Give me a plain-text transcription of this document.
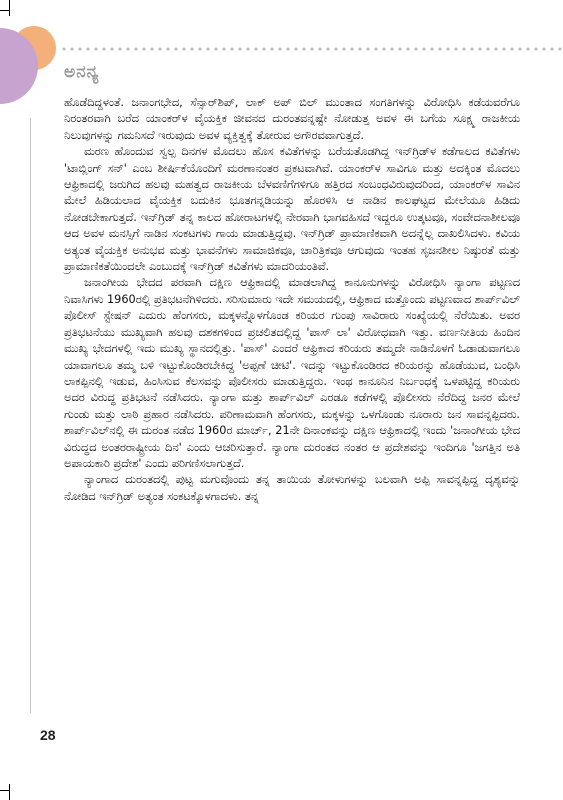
ಅನನ್ಯ

ಹೊಡೆದಿದ್ದಳಂತೆ. ಜನಾಂಗಭೇದ, ಸೆನ್ಸಾರ್‌ಶಿಪ್, ಲಾಕ್ ಅಪ್ ಬಿಲ್ ಮುಂತಾದ ಸಂಗತಿಗಳನ್ನು ವಿರೋಧಿಸಿ ಕಡೆಯವರೆಗೂ ನಿರಂತರವಾಗಿ ಬರೆದ ಯಾಂಕರ್‌ಳ ವೈಯಕ್ತಿಕ ಜೀವನದ ದುರಂತವನ್ನಷ್ಟೇ ನೋಡುತ್ತ ಅವಳ ಈ ಬಗೆಯ ಸೂಕ್ಷ್ಮ ರಾಜಕೀಯ ನಿಲುವುಗಳನ್ನು ಗಮನಿಸದೆ ಇರುವುದು ಅವಳ ವ್ಯಕ್ತಿತ್ವಕ್ಕೆ ತೋರುವ ಅಗೌರವವಾಗುತ್ತದೆ.

ಮರಣ ಹೊಂದುವ ಸ್ವಲ್ಪ ದಿನಗಳ ಮೊದಲು ಹೊಸ ಕವಿತೆಗಳನ್ನು ಬರೆಯತೊಡಗಿದ್ದ ಇನ್‌ಗ್ರಿಡ್‌ಳ ಕಡೆಗಾಲದ ಕವಿತೆಗಳು 'ಟಾಬ್ಲಿಂಗ್ ಸನ್' ಎಂಬ ಶೀರ್ಷಿಕೆಯೊಂದಿಗೆ ಮರಣಾನಂತರ ಪ್ರಕಟವಾಗಿವೆ. ಯಾಂಕರ್‌ಳ ಸಾವಿಗೂ ಮತ್ತು ಅದಕ್ಕಿಂತ ಮೊದಲು ಆಫ್ರಿಕಾದಲ್ಲಿ ಜರುಗಿದ ಹಲವು ಮಹತ್ವದ ರಾಜಕೀಯ ಬೆಳವಣಿಗೆಗಳಿಗೂ ಹತ್ತಿರದ ಸಂಬಂಧವಿರುವುದರಿಂದ, ಯಾಂಕರ್‌ಳ ಸಾವಿನ ಮೇಲೆ ಹಿಡಿಯಲಾದ ವೈಯಕ್ತಿಕ ಬದುಕಿನ ಭೂತಗನ್ನಡಿಯನ್ನು ಹೊರಳಿಸಿ ಆ ನಾಡಿನ ಕಾಲಘಟ್ಟದ ಮೇಲೆಯೂ ಹಿಡಿದು ನೋಡಬೇಕಾಗುತ್ತದೆ. ಇನ್‌ಗ್ರಿಡ್ ತನ್ನ ಕಾಲದ ಹೋರಾಟಗಳಲ್ಲಿ ನೇರವಾಗಿ ಭಾಗವಹಿಸದೆ ಇದ್ದರೂ ಉತ್ಕಟವೂ, ಸಂವೇದನಾಶೀಲವೂ ಆದ ಅವಳ ಮನಸ್ಸಿಗೆ ನಾಡಿನ ಸಂಕಟಗಳು ಗಾಯ ಮಾಡುತ್ತಿದ್ದವು. ಇನ್‌ಗ್ರಿಡ್ ಪ್ರಾಮಾಣಿಕವಾಗಿ ಅದನ್ನೆಲ್ಲ ದಾಖಲಿಸಿದಳು. ಕವಿಯ ಅತ್ಯಂತ ವೈಯಕ್ತಿಕ ಅನುಭವ ಮತ್ತು ಭಾವನೆಗಳು ಸಾಮಾಜಿಕವೂ, ಚಾರಿತ್ರಿಕವೂ ಆಗುವುದು ಇಂತಹ ಸೃಜನಶೀಲ ನಿಷ್ಠುರತೆ ಮತ್ತು ಪ್ರಾಮಾಣಿಕತೆಯಿಂದಲೇ ಎಂಬುದಕ್ಕೆ ಇನ್‌ಗ್ರಿಡ್ ಕವಿತೆಗಳು ಮಾದರಿಯಂತಿವೆ.

ಜನಾಂಗೀಯ ಭೇದದ ಪರವಾಗಿ ದಕ್ಷಿಣ ಆಫ್ರಿಕಾದಲ್ಲಿ ಮಾಡಲಾಗಿದ್ದ ಕಾನೂನುಗಳನ್ನು ವಿರೋಧಿಸಿ ನ್ಯಾಂಗಾ ಪಟ್ಟಣದ ನಿವಾಸಿಗಳು 1960ರಲ್ಲಿ ಪ್ರತಿಭಟನೆಗಿಳಿದರು. ಸರಿಸುಮಾರು ಇದೇ ಸಮಯದಲ್ಲಿ, ಆಫ್ರಿಕಾದ ಮತ್ತೊಂದು ಪಟ್ಟಣವಾದ ಶಾರ್ಪ್‌ವಿಲ್ ಪೊಲೀಸ್ ಸ್ಟೇಷನ್ ಎದುರು ಹೆಂಗಸರು, ಮಕ್ಕಳನ್ನೊಳಗೊಂಡ ಕರಿಯರ ಗುಂಪು ಸಾವಿರಾರು ಸಂಖ್ಯೆಯಲ್ಲಿ ನೆರೆಯಿತು. ಅವರ ಪ್ರತಿಭಟನೆಯು ಮುಖ್ಯವಾಗಿ ಹಲವು ದಶಕಗಳಿಂದ ಪ್ರಚಲಿತದಲ್ಲಿದ್ದ 'ಪಾಸ್ ಲಾ' ವಿರೋಧವಾಗಿ ಇತ್ತು. ವರ್ಣನೀತಿಯ ಹಿಂದಿನ ಮುಖ್ಯ ಭೇದಗಳಲ್ಲಿ ಇದು ಮುಖ್ಯ ಸ್ಥಾನದಲ್ಲಿತ್ತು. 'ಪಾಸ್' ಎಂದರೆ ಆಫ್ರಿಕಾದ ಕರಿಯರು ತಮ್ಮದೇ ನಾಡಿನೊಳಗೆ ಓಡಾಡುವಾಗಲೂ ಯಾವಾಗಲೂ ತಮ್ಮ ಬಳಿ ಇಟ್ಟುಕೊಂಡಿರಬೇಕಿದ್ದ 'ಅಪ್ಪಣೆ ಚೀಟಿ'. ಇದನ್ನು ಇಟ್ಟುಕೊಂಡಿರದ ಕರಿಯರನ್ನು ಹೊಡೆಯುವ, ಬಂಧಿಸಿ ಲಾಕಪ್ಪಿನಲ್ಲಿ ಇಡುವ, ಹಿಂಸಿಸುವ ಕೆಲಸವನ್ನು ಪೊಲೀಸರು ಮಾಡುತ್ತಿದ್ದರು. ಇಂಥ ಕಾನೂನಿನ ನಿರ್ಬಂಧಕ್ಕೆ ಒಳಪಟ್ಟಿದ್ದ ಕರಿಯರು ಅದರ ವಿರುದ್ಧ ಪ್ರತಿಭಟನೆ ನಡೆಸಿದರು. ನ್ಯಾಂಗಾ ಮತ್ತು ಶಾರ್ಪ್‌ವಿಲ್ ಎರಡೂ ಕಡೆಗಳಲ್ಲಿ ಪೊಲೀಸರು ನೆರೆದಿದ್ದ ಜನರ ಮೇಲೆ ಗುಂಡು ಮತ್ತು ಲಾಠಿ ಪ್ರಹಾರ ನಡೆಸಿದರು. ಪರಿಣಾಮವಾಗಿ ಹೆಂಗಸರು, ಮಕ್ಕಳನ್ನು ಒಳಗೊಂಡು ನೂರಾರು ಜನ ಸಾವನ್ನಪ್ಪಿದರು. ಶಾರ್ಪ್‌ವಿಲ್‌ನಲ್ಲಿ ಈ ದುರಂತ ನಡೆದ 1960ರ ಮಾರ್ಚ್, 21ನೇ ದಿನಾಂಕವನ್ನು ದಕ್ಷಿಣ ಆಫ್ರಿಕಾದಲ್ಲಿ ಇಂದು 'ಜನಾಂಗೀಯ ಭೇದ ವಿರುದ್ಧದ ಅಂತರರಾಷ್ಟ್ರೀಯ ದಿನ' ಎಂದು ಆಚರಿಸುತ್ತಾರೆ. ನ್ಯಾಂಗಾ ದುರಂತದ ನಂತರ ಆ ಪ್ರದೇಶವನ್ನು ಇಂದಿಗೂ 'ಜಗತ್ತಿನ ಅತಿ ಅಪಾಯಕಾರಿ ಪ್ರದೇಶ' ಎಂದು ಪರಿಗಣಿಸಲಾಗುತ್ತದೆ.

ನ್ಯಾಂಗಾದ ದುರಂತದಲ್ಲಿ ಪುಟ್ಟ ಮಗುವೊಂದು ತನ್ನ ತಾಯಿಯ ತೋಳುಗಳನ್ನು ಬಲವಾಗಿ ಅಪ್ಪಿ ಸಾವನ್ನಪ್ಪಿದ್ದ ದೃಶ್ಯವನ್ನು ನೋಡಿದ ಇನ್‌ಗ್ರಿಡ್ ಅತ್ಯಂತ ಸಂಕಟಕ್ಕೊಳಗಾದಳು. ತನ್ನ

28
